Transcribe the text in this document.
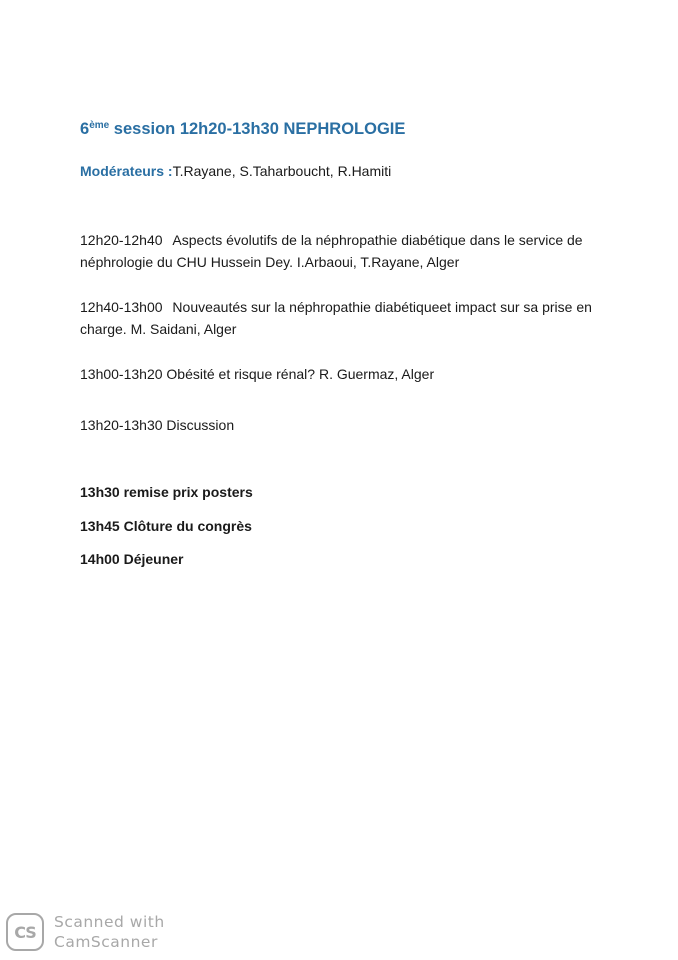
6ème session 12h20-13h30 NEPHROLOGIE
Modérateurs :T.Rayane, S.Taharboucht, R.Hamiti
12h20-12h40 Aspects évolutifs de la néphropathie diabétique dans le service de néphrologie du CHU Hussein Dey. I.Arbaoui, T.Rayane, Alger
12h40-13h00 Nouveautés sur la néphropathie diabétiqueet impact sur sa prise en charge. M. Saidani, Alger
13h00-13h20 Obésité et risque rénal? R. Guermaz, Alger
13h20-13h30 Discussion
13h30 remise prix posters
13h45 Clôture du congrès
14h00 Déjeuner
CS
Scanned with
CamScanner
